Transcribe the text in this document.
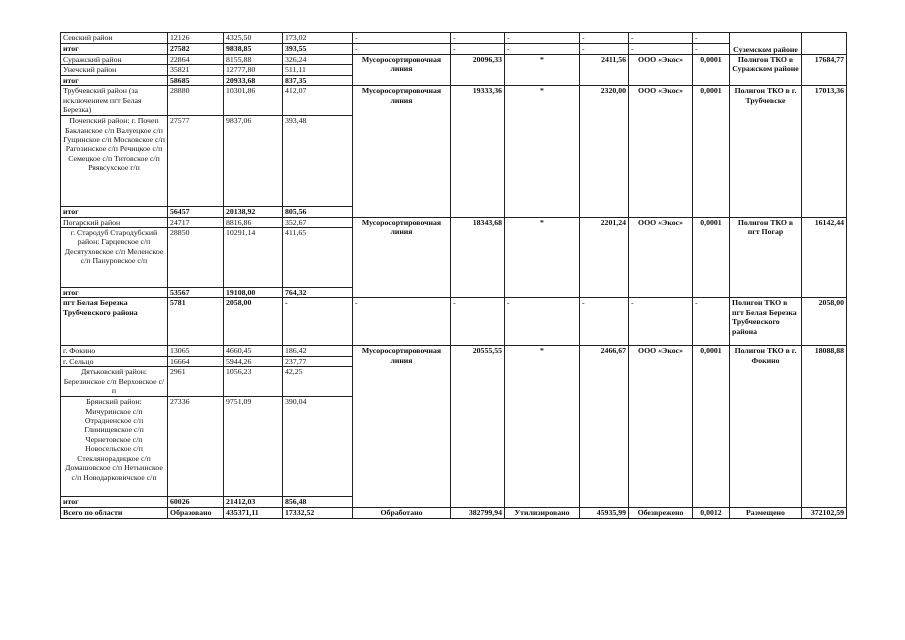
Севский район	12126	4325,50	173,02	-	-	-	-	-	-	Суземском районе	
итог	27582	9838,85	393,55	-	-	-	-	-	-		
Суражский район	22864	8155,88	326,24	Мусоросортировочная линия	20096,33	*	2411,56	ООО «Экос»	0,0001	Полигон ТКО в Суражском районе	17684,77
Унечский район	35821	12777,80	511,11								
итог	58685	20933,68	837,35								
Трубчевский район (за исключением пгт Белая Березка)	28880	10301,86	412,07	Мусоросортировочная линия	19333,36	*	2320,00	ООО «Экос»	0,0001	Полигон ТКО в г. Трубчевске	17013,36
Почепский район: г. Почеп Бакланское с/п Валуецкое с/п Гущинское с/п Московское с/п Рагозинское с/п Речицкое с/п Семецкое с/п Титовское с/п Ряявсухское г/п	27577	9837,06	393,48								
итог	56457	20138,92	805,56								
Погарский район	24717	8816,86	352,67	Мусоросортировочная линия	18343,68	*	2201,24	ООО «Экос»	0,0001	Полигон ТКО в пгт Погар	16142,44
г. Стародуб Стародубский район: Гарцевское с/п Десятуховское с/п Меленское с/п Пануровское с/п	28850	10291,14	411,65								
итог	53567	19108,00	764,32								
пгт Белая Березка Трубчевского района	5781	2058,00	-	-	-	-	-	-	-	Полигон ТКО в пгт Белая Березка Трубчевского района	2058,00
г. Фокино	13065	4660,45	186,42	Мусоросортировочная линия	20555,55	*	2466,67	ООО «Экос»	0,0001	Полигон ТКО в г. Фокино	18088,88
г. Сельцо	16664	5944,26	237,77								
Дятьковский район: Березинское с/п Верховское с/п	2961	1056,23	42,25								
Брянский район: Мичуринское с/п Отрадненское с/п Глинищевское с/п Чернетовское с/п Новосельское с/п Стеклянорадицкое с/п Домашовское с/п Нетьинское с/п Новодарковичское с/п	27336	9751,09	390,04								
итог	60026	21412,03	856,48								
Всего по области	Образовано	435371,11	17332,52	Обработано	382799,94	Утилизировано	45935,99	Обезврежено	0,0012	Размещено	372102,59
